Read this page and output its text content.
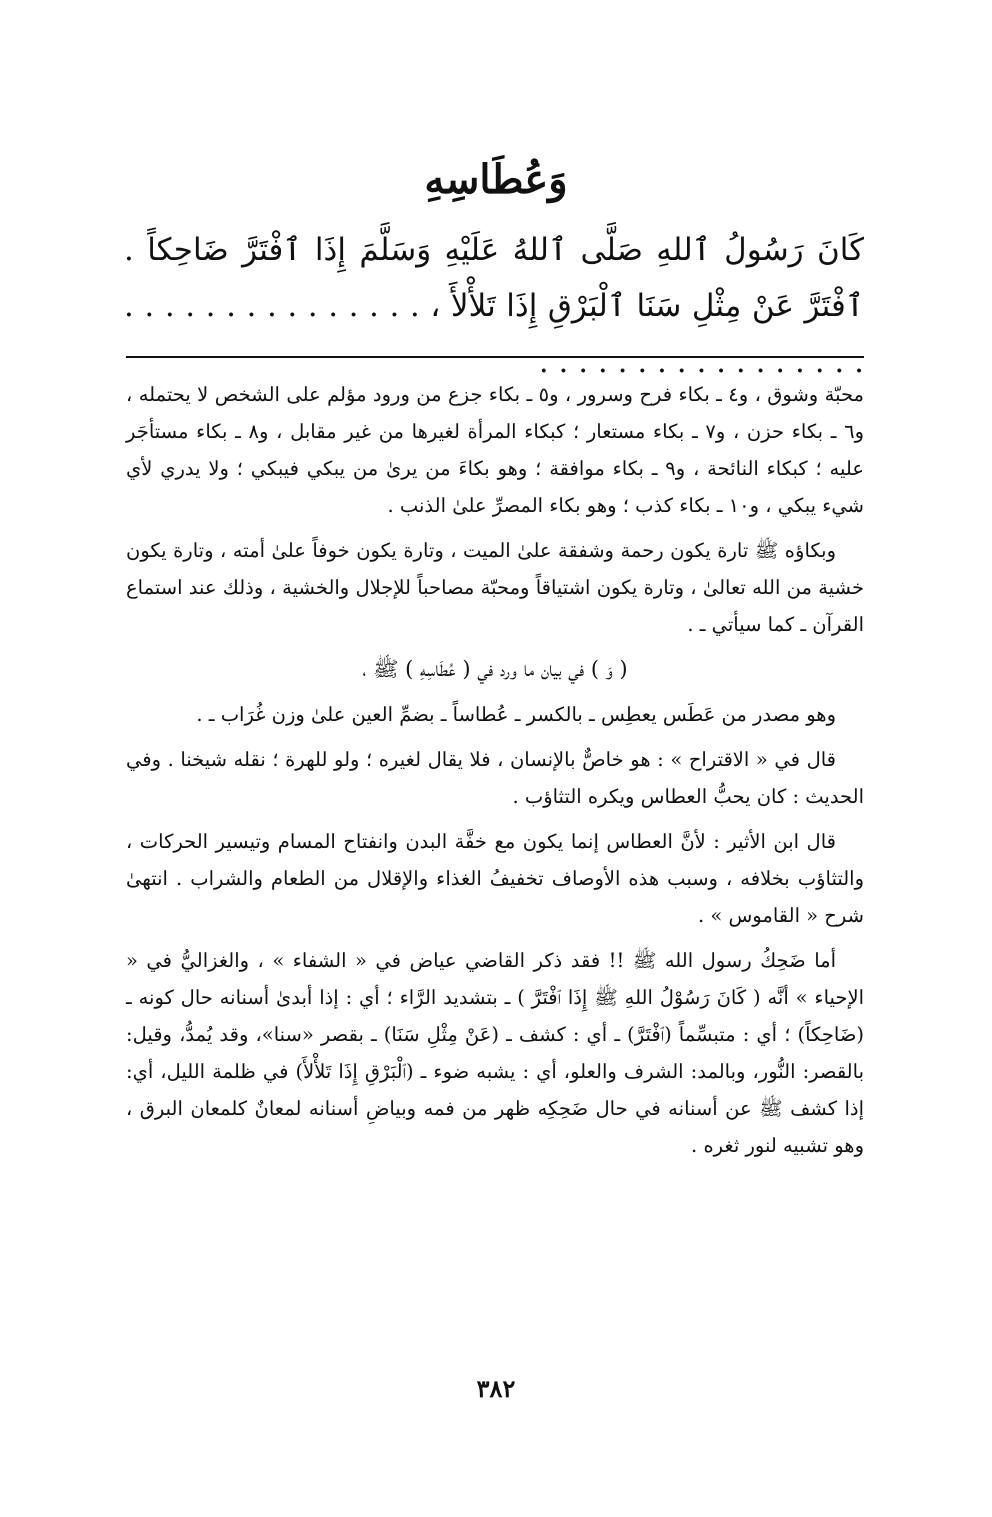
وَعُطَاسِهِ
كَانَ رَسُولُ ٱللهِ صَلَّى ٱللهُ عَلَيْهِ وَسَلَّمَ إِذَا ٱفْتَرَّ ضَاحِكاً . ٱفْتَرَّ عَنْ مِثْلِ سَنَا ٱلْبَرْقِ إِذَا تَلأْلأَ ، . . . . . . . . . . . . . . . . . . . . . . . . . . . . . . . .

محبّة وشوق ، و٤ ـ بكاء فرح وسرور ، و٥ ـ بكاء جزع من ورود مؤلم على الشخص لا يحتمله ، و٦ ـ بكاء حزن ، و٧ ـ بكاء مستعار ؛ كبكاء المرأة لغيرها من غير مقابل ، و٨ ـ بكاء مستأجَر عليه ؛ كبكاء النائحة ، و٩ ـ بكاء موافقة ؛ وهو بكاءَ من يرىٰ من يبكي فيبكي ؛ ولا يدري لأي شيء يبكي ، و١٠ ـ بكاء كذب ؛ وهو بكاء المصرِّ علىٰ الذنب .

وبكاؤه ﷺ تارة يكون رحمة وشفقة علىٰ الميت ، وتارة يكون خوفاً علىٰ أمته ، وتارة يكون خشية من الله تعالىٰ ، وتارة يكون اشتياقاً ومحبّة مصاحباً للإجلال والخشية ، وذلك عند استماع القرآن ـ كما سيأتي ـ .

( وَ ) في بيان ما ورد في ( عُطَاسِهِ ) ﷺ ،

وهو مصدر من عَطَس يعطِس ـ بالكسر ـ عُطاساً ـ بضمِّ العين علىٰ وزن غُرَاب ـ .

قال في « الاقتراح » : هو خاصٌّ بالإنسان ، فلا يقال لغيره ؛ ولو للهرة ؛ نقله شيخنا . وفي الحديث : كان يحبُّ العطاس ويكره التثاؤب .

قال ابن الأثير : لأنَّ العطاس إنما يكون مع خفَّة البدن وانفتاح المسام وتيسير الحركات ، والتثاؤب بخلافه ، وسبب هذه الأوصاف تخفيفُ الغذاء والإقلال من الطعام والشراب . انتهىٰ شرح « القاموس » .

أما ضَحِكُ رسول الله ﷺ !! فقد ذكر القاضي عياض في « الشفاء » ، والغزاليُّ في « الإحياء » أنَّه ( كَانَ رَسُوْلُ اللهِ ﷺ إِذَا ٱفْتَرَّ ) ـ بتشديد الرَّاء ؛ أي : إذا أبدىٰ أسنانه حال كونه ـ (ضَاحِكاً) ؛ أي : متبسِّماً (ٱفْتَرَّ) ـ أي : كشف ـ (عَنْ مِثْلِ سَنَا) ـ بقصر «سنا»، وقد يُمدُّ، وقيل: بالقصر: النُّور، وبالمد: الشرف والعلو، أي : يشبه ضوء ـ (ٱلْبَرْقِ إِذَا تَلأْلأَ) في ظلمة الليل، أي: إذا كشف ﷺ عن أسنانه في حال ضَحِكِه ظهر من فمه وبياضِ أسنانه لمعانٌ كلمعان البرق ، وهو تشبيه لنور ثغره .

٣٨٢
